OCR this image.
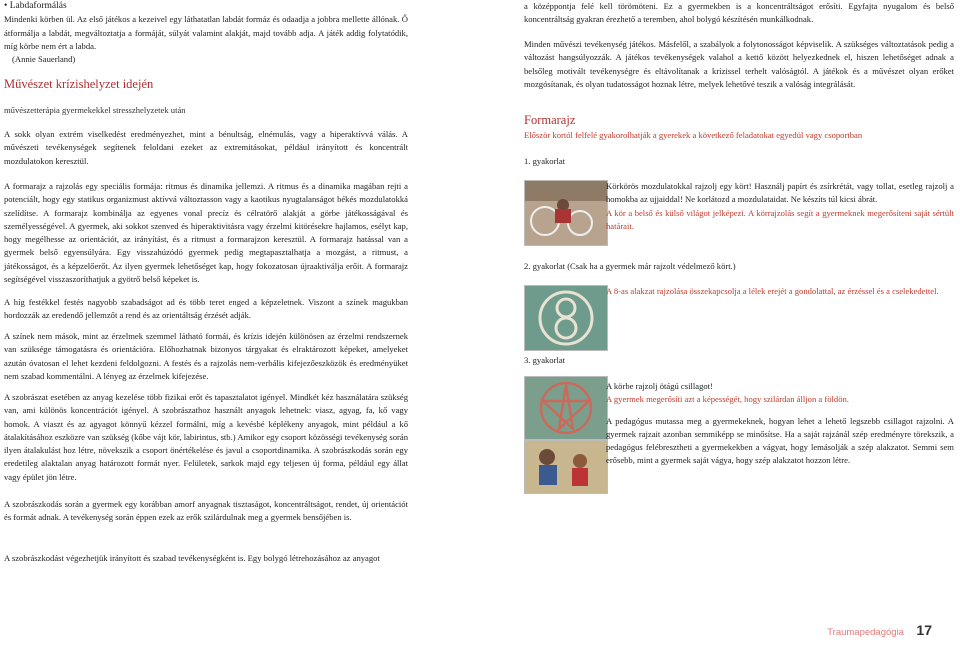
• Labdaformálás

Mindenki körben ül. Az első játékos a kezeivel egy láthatatlan labdát formáz és odaadja a jobbra mellette állónak. Ő átformálja a labdát, megváltoztatja a formáját, súlyát valamint alakját, majd tovább adja. A játék addig folytatódik, míg körbe nem ért a labda.

(Annie Sauerland)

Művészet krízishelyzet idején
művészetterápia gyermekekkel stresszhelyzetek után

A sokk olyan extrém viselkedést eredményezhet, mint a bénultság, elnémulás, vagy a hiperaktívvá válás. A művészeti tevékenységek segítenek feloldani ezeket az extremitásokat, például irányított és koncentrált mozdulatokon keresztül.

A formarajz a rajzolás egy speciális formája: ritmus és dinamika jellemzi. A ritmus és a dinamika magában rejti a potenciált, hogy egy statikus organizmust aktívvá változtasson vagy a kaotikus nyugtalanságot békés mozdulatokká szelídítse. A formarajz kombinálja az egyenes vonal precíz és célratörő alakját a görbe játékosságával és személyességével. A gyermek, aki sokkot szenved és hiperaktivitásra vagy érzelmi kitörésekre hajlamos, esélyt kap, hogy megélhesse az orientációt, az irányítást, és a ritmust a formarajzon keresztül. A formarajz hatással van a gyermek belső egyensúlyára. Egy visszahúzódó gyermek pedig megtapasztalhatja a mozgást, a ritmust, a játékosságot, és a képzelőerőt. Az ilyen gyermek lehetőséget kap, hogy fokozatosan újraaktiválja erőit. A formarajz segítségével visszaszoríthatjuk a gyötrő belső képeket is.

A híg festékkel festés nagyobb szabadságot ad és több teret enged a képzeletnek. Viszont a színek magukban hordozzák az eredendő jellemzőt a rend és az orientáltság érzését adják.

A színek nem mások, mint az érzelmek szemmel látható formái, és krízis idején különösen az érzelmi rendszernek van szüksége támogatásra és orientációra. Előhozhatnak bizonyos tárgyakat és elraktározott képeket, amelyeket azután óvatosan el lehet kezdeni feldolgozni. A festés és a rajzolás nem-verbális kifejezőeszközök és eredményüket nem szabad kommentálni. A lényeg az érzelmek kifejezése.

A szobrászat esetében az anyag kezelése több fizikai erőt és tapasztalatot igényel. Mindkét kéz használatára szükség van, ami különös koncentrációt igényel. A szobrászathoz használt anyagok lehetnek: viasz, agyag, fa, kő vagy homok. A viaszt és az agyagot könnyű kézzel formálni, míg a kevésbé képlékeny anyagok, mint például a kő átalakításához eszközre van szükség (kőbe vájt kör, labirintus, stb.) Amikor egy csoport közösségi tevékenység során ilyen átalakulást hoz létre, növekszik a csoport önértékelése és javul a csoportdinamika. A szobrászkodás során egy eredetileg alaktalan anyag határozott formát nyer. Felületek, sarkok majd egy teljesen új forma, például egy állat vagy épület jön létre.

A szobrászkodás során a gyermek egy korábban amorf anyagnak tisztaságot, koncentráltságot, rendet, új orientációt és formát adnak. A tevékenység során éppen ezek az erők szilárdulnak meg a gyermek bensőjében is.

A szobrászkodást végezhetjük irányított és szabad tevékenységként is. Egy bolygó létrehozásához az anyagot

a középpontja felé kell törömöteni. Ez a gyermekben is a koncentráltságot erősíti. Egyfajta nyugalom és belső koncentráltság gyakran érezhető a teremben, ahol bolygó készítésén munkálkodnak.

Minden művészi tevékenység játékos. Másfelől, a szabályok a folytonosságot képviselik. A szükséges változtatások pedig a változást hangsúlyozzák. A játékos tevékenységek valahol a kettő között helyezkednek el, hiszen lehetőséget adnak a belsőleg motivált tevékenységre és eltávolítanak a krízissel terhelt valóságtól. A játékok és a művészet olyan erőket mozgósítanak, és olyan tudatosságot hoznak létre, melyek lehetővé teszik a valóság integrálását.

Formarajz

Először kortól felfelé gyakorolhatják a gyerekek a következő feladatokat egyedül vagy csoportban

1. gyakorlat

Körkörös mozdulatokkal rajzolj egy kört! Használj papírt és zsírkrétát, vagy tollat, esetleg rajzolj a homokba az ujjaiddal! Ne korlátozd a mozdulataidat. Ne készíts túl kicsi ábrát.

A kör a belső és külső világot jelképezi. A körrajzolás segít a gyermeknek megerősíteni saját sértült határait.

2. gyakorlat (Csak ha a gyermek már rajzolt védelmező kört.)
A 8-as alakzat rajzolása összekapcsolja a lélek erejét a gondolattal, az érzéssel és a cselekedettel.
3. gyakorlat

A körbe rajzolj ötágú csillagot!

A gyermek megerősíti azt a képességét, hogy szilárdan álljon a földön.

A pedagógus mutassa meg a gyermekeknek, hogyan lehet a lehető legszebb csillagot rajzolni. A gyermek rajzait azonban semmiképp se minősítse. Ha a saját rajzánál szép eredményre törekszik, a pedagógus felébresztheti a gyermekekben a vágyat, hogy lemásolják a szép alakzatot. Semmi sem erősebb, mint a gyermek saját vágya, hogy szép alakzatot hozzon létre.

Traumapedagógia 17
